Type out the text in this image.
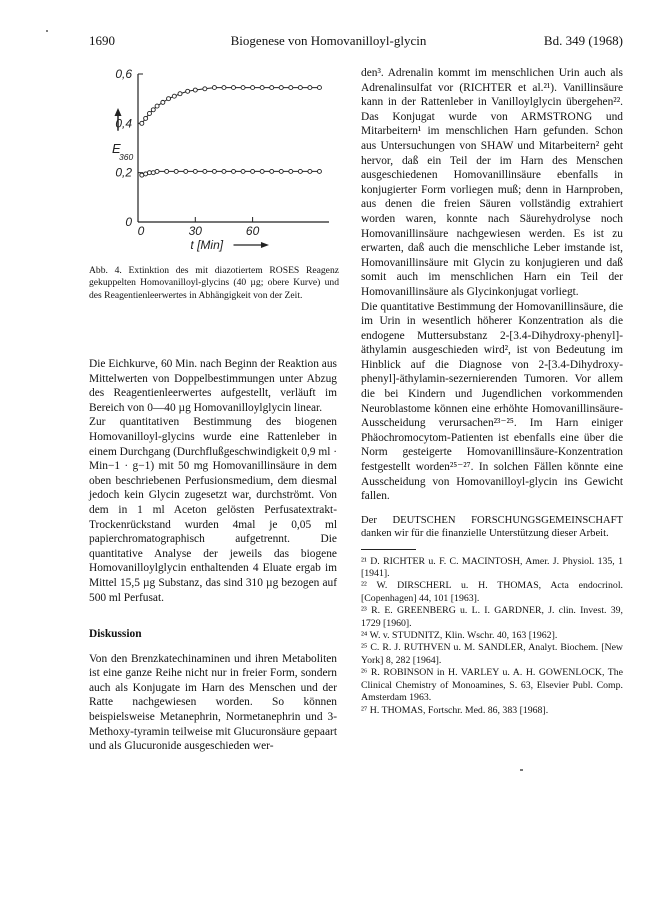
1690	Biogenese von Homovanilloyl-glycin	Bd. 349 (1968)
0
0,2
0,4
0,6
0	30	60
E
360
t [Min]
Abb. 4. Extinktion des mit diazotiertem ROSES Reagenz gekuppelten Homovanilloyl-glycins (40 µg; obere Kurve) und des Reagentienleerwertes in Abhängigkeit von der Zeit.

Die Eichkurve, 60 Min. nach Beginn der Reaktion aus Mittelwerten von Doppelbestimmungen unter Abzug des Reagentienleerwertes aufgestellt, verläuft im Bereich von 0—40 µg Homovanilloylglycin linear.

Zur quantitativen Bestimmung des biogenen Homovanilloyl-glycins wurde eine Rattenleber in einem Durchgang (Durchflußgeschwindigkeit 0,9 ml · Min−1 · g−1) mit 50 mg Homovanillinsäure in dem oben beschriebenen Perfusionsmedium, dem diesmal jedoch kein Glycin zugesetzt war, durchströmt. Von dem in 1 ml Aceton gelösten Perfusatextrakt-Trockenrückstand wurden 4mal je 0,05 ml papierchromatographisch aufgetrennt. Die quantitative Analyse der jeweils das biogene Homovanilloylglycin enthaltenden 4 Eluate ergab im Mittel 15,5 µg Substanz, das sind 310 µg bezogen auf 500 ml Perfusat.

Diskussion

Von den Brenzkatechinaminen und ihren Metaboliten ist eine ganze Reihe nicht nur in freier Form, sondern auch als Konjugate im Harn des Menschen und der Ratte nachgewiesen worden. So können beispielsweise Metanephrin, Normetanephrin und 3-Methoxy-tyramin teilweise mit Glucuronsäure gepaart und als Glucuronide ausgeschieden wer-

den³. Adrenalin kommt im menschlichen Urin auch als Adrenalinsulfat vor (RICHTER et al.²¹). Vanillinsäure kann in der Rattenleber in Vanilloylglycin übergehen²². Das Konjugat wurde von ARMSTRONG und Mitarbeitern¹ im menschlichen Harn gefunden. Schon aus Untersuchungen von SHAW und Mitarbeitern² geht hervor, daß ein Teil der im Harn des Menschen ausgeschiedenen Homovanillinsäure ebenfalls in konjugierter Form vorliegen muß; denn in Harnproben, aus denen die freien Säuren vollständig extrahiert worden waren, konnte nach Säurehydrolyse noch Homovanillinsäure nachgewiesen werden. Es ist zu erwarten, daß auch die menschliche Leber imstande ist, Homovanillinsäure mit Glycin zu konjugieren und daß somit auch im menschlichen Harn ein Teil der Homovanillinsäure als Glycinkonjugat vorliegt.

Die quantitative Bestimmung der Homovanillinsäure, die im Urin in wesentlich höherer Konzentration als die endogene Muttersubstanz 2-[3.4-Dihydroxy-phenyl]-äthylamin ausgeschieden wird², ist von Bedeutung im Hinblick auf die Diagnose von 2-[3.4-Dihydroxy-phenyl]-äthylamin-sezernierenden Tumoren. Vor allem die bei Kindern und Jugendlichen vorkommenden Neuroblastome können eine erhöhte Homovanillinsäure-Ausscheidung verursachen²³⁻²⁵. Im Harn einiger Phäochromocytom-Patienten ist ebenfalls eine über die Norm gesteigerte Homovanillinsäure-Konzentration festgestellt worden²⁵⁻²⁷. In solchen Fällen könnte eine Ausscheidung von Homovanilloyl-glycin ins Gewicht fallen.

Der DEUTSCHEN FORSCHUNGSGEMEINSCHAFT danken wir für die finanzielle Unterstützung dieser Arbeit.

²¹ D. RICHTER u. F. C. MACINTOSH, Amer. J. Physiol. 135, 1 [1941].

²² W. DIRSCHERL u. H. THOMAS, Acta endocrinol. [Copenhagen] 44, 101 [1963].

²³ R. E. GREENBERG u. L. I. GARDNER, J. clin. Invest. 39, 1729 [1960].

²⁴ W. v. STUDNITZ, Klin. Wschr. 40, 163 [1962].

²⁵ C. R. J. RUTHVEN u. M. SANDLER, Analyt. Biochem. [New York] 8, 282 [1964].

²⁶ R. ROBINSON in H. VARLEY u. A. H. GOWENLOCK, The Clinical Chemistry of Monoamines, S. 63, Elsevier Publ. Comp. Amsterdam 1963.

²⁷ H. THOMAS, Fortschr. Med. 86, 383 [1968].
